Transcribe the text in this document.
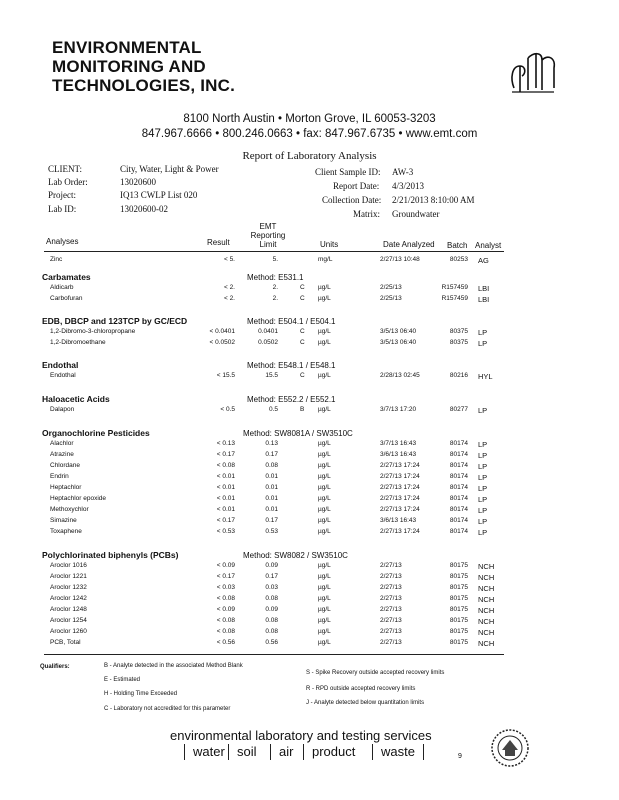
ENVIRONMENTAL
MONITORING AND
TECHNOLOGIES, INC.
8100 North Austin • Morton Grove, IL 60053-3203
847.967.6666 • 800.246.0663 • fax: 847.967.6735 • www.emt.com
Report of Laboratory Analysis
CLIENT:	City, Water, Light & Power
Lab Order:	13020600
Project:	IQ13 CWLP List 020
Lab ID:	13020600-02
Client Sample ID: AW-3
Report Date: 4/3/2013
Collection Date: 2/21/2013 8:10:00 AM
Matrix: Groundwater
Analyses	Result
EMT
Reporting
Limit	Units	Date Analyzed Batch Analyst
Zinc	< 5.	5.	mg/L	2/27/13 10:48	80253 AG
Carbamates	Method: E531.1
Aldicarb	< 2.	2.	C µg/L	2/25/13	R157459 LBI
Carbofuran	< 2.	2.	C µg/L	2/25/13	R157459 LBI
EDB, DBCP and 123TCP by GC/ECD	Method: E504.1 / E504.1
1,2-Dibromo-3-chloropropane	< 0.0401	0.0401	C µg/L	3/5/13 06:40	80375 LP
1,2-Dibromoethane	< 0.0502	0.0502	C µg/L	3/5/13 06:40	80375 LP
Endothal	Method: E548.1 / E548.1
Endothal	< 15.5	15.5	C µg/L	2/28/13 02:45	80216 HYL
Haloacetic Acids	Method: E552.2 / E552.1
Dalapon	< 0.5	0.5	B µg/L	3/7/13 17:20	80277 LP
Organochlorine Pesticides	Method: SW8081A / SW3510C
Alachlor	< 0.13	0.13	µg/L	3/7/13 16:43	80174 LP
Atrazine	< 0.17	0.17	µg/L	3/6/13 16:43	80174 LP
Chlordane	< 0.08	0.08	µg/L	2/27/13 17:24	80174 LP
Endrin	< 0.01	0.01	µg/L	2/27/13 17:24	80174 LP
Heptachlor	< 0.01	0.01	µg/L	2/27/13 17:24	80174 LP
Heptachlor epoxide	< 0.01	0.01	µg/L	2/27/13 17:24	80174 LP
Methoxychlor	< 0.01	0.01	µg/L	2/27/13 17:24	80174 LP
Simazine	< 0.17	0.17	µg/L	3/6/13 16:43	80174 LP
Toxaphene	< 0.53	0.53	µg/L	2/27/13 17:24	80174 LP
Polychlorinated biphenyls (PCBs)	Method: SW8082 / SW3510C
Aroclor 1016	< 0.09	0.09	µg/L	2/27/13	80175 NCH
Aroclor 1221	< 0.17	0.17	µg/L	2/27/13	80175 NCH
Aroclor 1232	< 0.03	0.03	µg/L	2/27/13	80175 NCH
Aroclor 1242	< 0.08	0.08	µg/L	2/27/13	80175 NCH
Aroclor 1248	< 0.09	0.09	µg/L	2/27/13	80175 NCH
Aroclor 1254	< 0.08	0.08	µg/L	2/27/13	80175 NCH
Aroclor 1260	< 0.08	0.08	µg/L	2/27/13	80175 NCH
PCB, Total	< 0.56	0.56	µg/L	2/27/13	80175 NCH
Qualifiers:	B - Analyte detected in the associated Method Blank
E - Estimated
H - Holding Time Exceeded
C - Laboratory not accredited for this parameter
S - Spike Recovery outside accepted recovery limits
R - RPD outside accepted recovery limits
J - Analyte detected below quantitation limits
environmental laboratory and testing services
water soil	air	product	waste	9
